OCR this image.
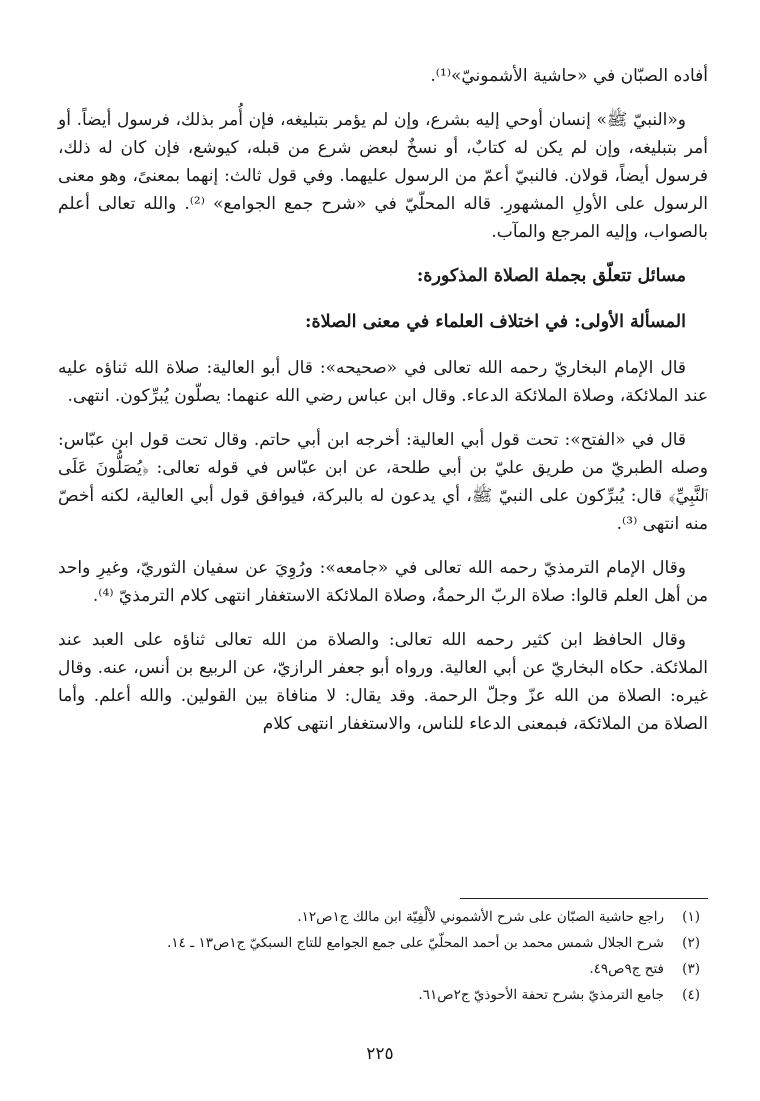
أفاده الصبّان في «حاشية الأشمونيّ»⁽¹⁾.

و«النبيّ ﷺ» إنسان أوحي إليه بشرع، وإن لم يؤمر بتبليغه، فإن أُمر بذلك، فرسول أيضاً. أو أمر بتبليغه، وإن لم يكن له كتابٌ، أو نسخٌ لبعض شرع من قبله، كيوشع، فإن كان له ذلك، فرسول أيضاً، قولان. فالنبيّ أعمّ من الرسول عليهما. وفي قول ثالث: إنهما بمعنىً، وهو معنى الرسول على الأولِ المشهورِ. قاله المحلّيّ في «شرح جمع الجوامع» ⁽²⁾. والله تعالى أعلم بالصواب، وإليه المرجع والمآب.

مسائل تتعلّق بجملة الصلاة المذكورة:

المسألة الأولى: في اختلاف العلماء في معنى الصلاة:

قال الإمام البخاريّ رحمه الله تعالى في «صحيحه»: قال أبو العالية: صلاة الله ثناؤه عليه عند الملائكة، وصلاة الملائكة الدعاء. وقال ابن عباس رضي الله عنهما: يصلّون يُبرِّكون. انتهى.

قال في «الفتح»: تحت قول أبي العالية: أخرجه ابن أبي حاتم. وقال تحت قول ابن عبّاس: وصله الطبريّ من طريق عليّ بن أبي طلحة، عن ابن عبّاس في قوله تعالى: ﴿يُصَلُّونَ عَلَى ٱلنَّبِيِّ﴾ قال: يُبرِّكون على النبيّ ﷺ، أي يدعون له بالبركة، فيوافق قول أبي العالية، لكنه أخصّ منه انتهى ⁽³⁾.

وقال الإمام الترمذيّ رحمه الله تعالى في «جامعه»: ورُوِيَ عن سفيان الثوريّ، وغيرِ واحد من أهل العلم قالوا: صلاة الربّ الرحمةُ، وصلاة الملائكة الاستغفار انتهى كلام الترمذيّ ⁽⁴⁾.

وقال الحافظ ابن كثير رحمه الله تعالى: والصلاة من الله تعالى ثناؤه على العبد عند الملائكة. حكاه البخاريّ عن أبي العالية. ورواه أبو جعفر الرازيّ، عن الربيع بن أنس، عنه. وقال غيره: الصلاة من الله عزّ وجلّ الرحمة. وقد يقال: لا منافاة بين القولين. والله أعلم. وأما الصلاة من الملائكة، فبمعنى الدعاء للناس، والاستغفار انتهى كلام

(١)
راجع حاشية الصبّان على شرح الأشموني لألْفِيّة ابن مالك ج١ص١٢.
(٢)
شرح الجلال شمس محمد بن أحمد المحلّيّ على جمع الجوامع للتاج السبكيّ ج١ص١٣ ـ ١٤.
(٣)
فتح ج٩ص٤٩.
(٤)
جامع الترمذيّ بشرح تحفة الأحوذيّ ج٢ص٦١.
٢٢٥
